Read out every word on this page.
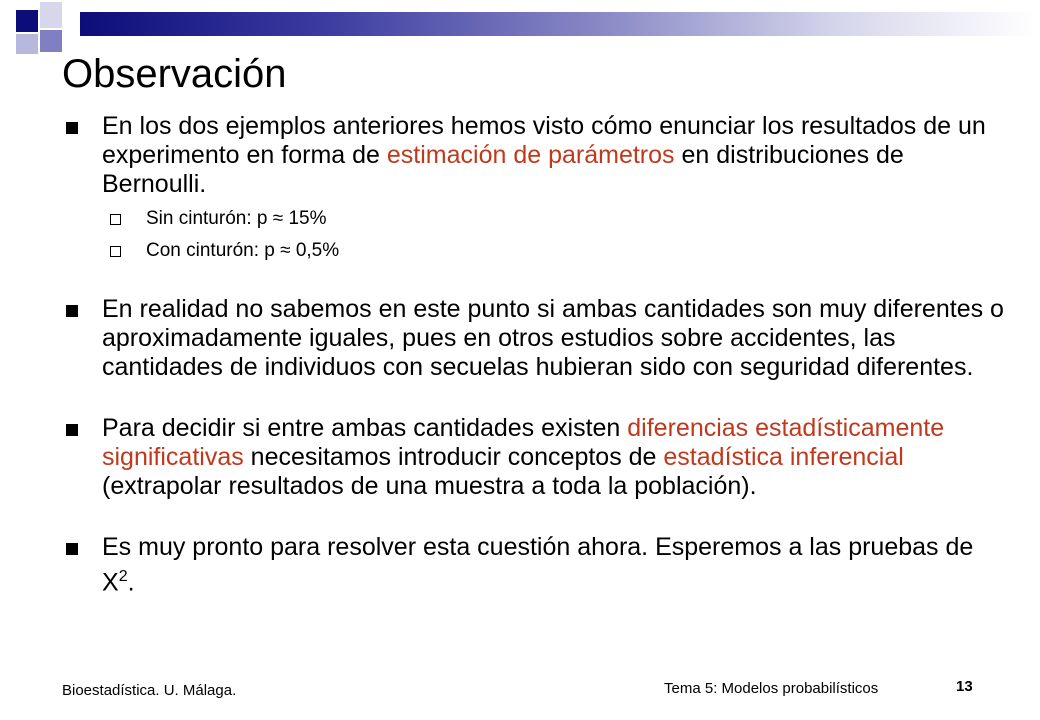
Observación

En los dos ejemplos anteriores hemos visto cómo enunciar los resultados de un experimento en forma de estimación de parámetros en distribuciones de Bernoulli.

Sin cinturón: p ≈ 15%

Con cinturón: p ≈ 0,5%

En realidad no sabemos en este punto si ambas cantidades son muy diferentes o aproximadamente iguales, pues en otros estudios sobre accidentes, las cantidades de individuos con secuelas hubieran sido con seguridad diferentes.

Para decidir si entre ambas cantidades existen diferencias estadísticamente significativas necesitamos introducir conceptos de estadística inferencial (extrapolar resultados de una muestra a toda la población).

Es muy pronto para resolver esta cuestión ahora. Esperemos a las pruebas de $X^2$.

Bioestadística. U. Málaga.	Tema 5: Modelos probabilísticos	13
